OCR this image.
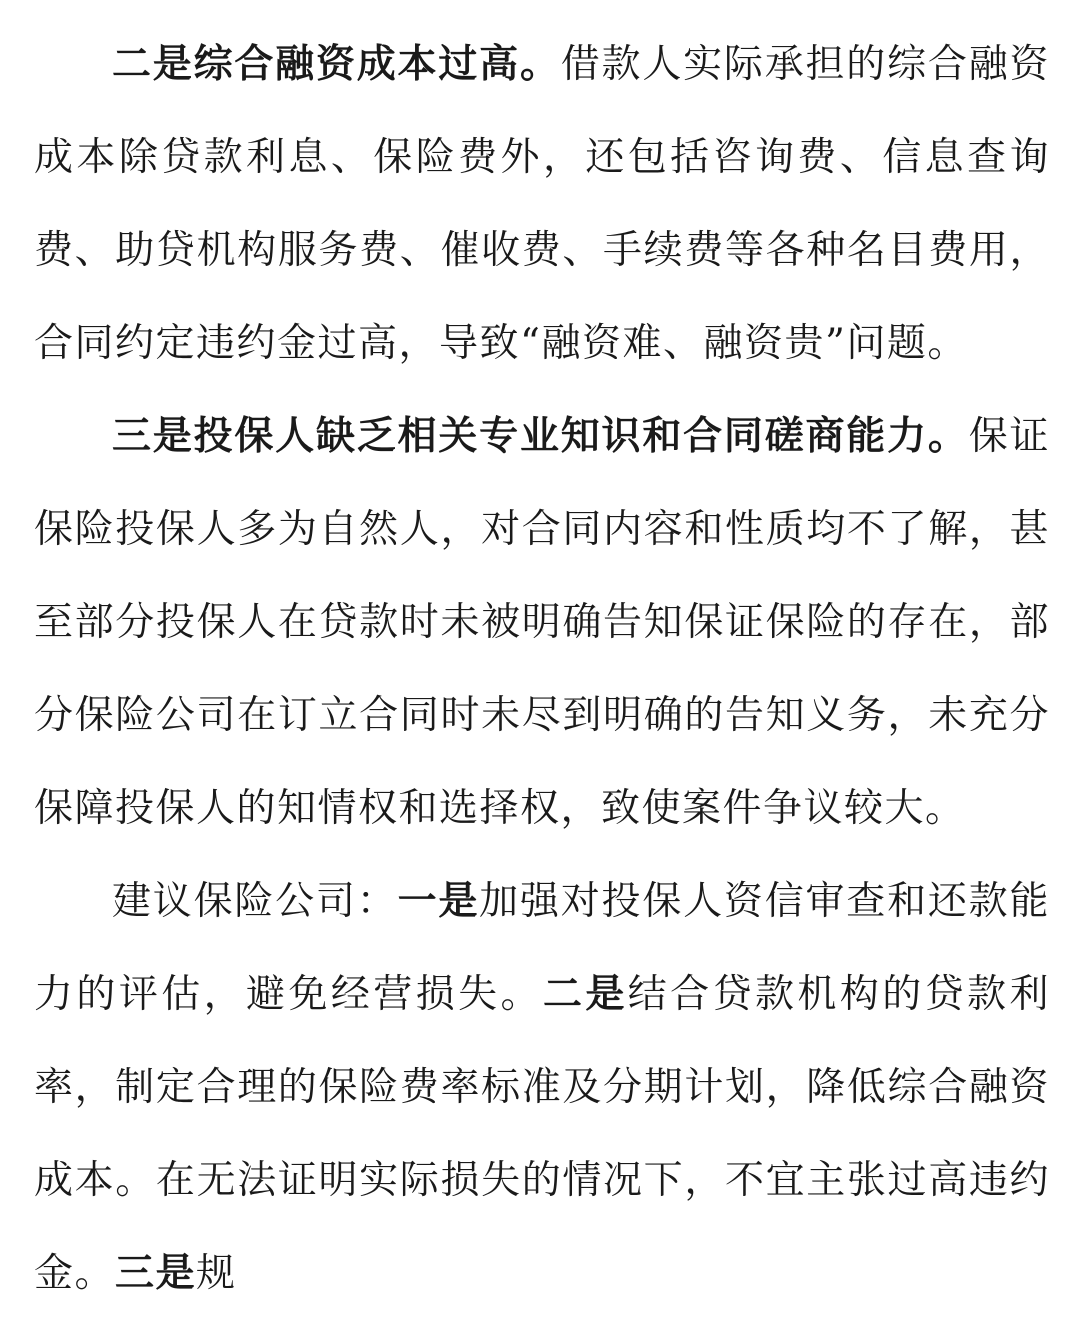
二是综合融资成本过高。借款人实际承担的综合融资成本除贷款利息、保险费外，还包括咨询费、信息查询费、助贷机构服务费、催收费、手续费等各种名目费用，合同约定违约金过高，导致“融资难、融资贵”问题。

三是投保人缺乏相关专业知识和合同磋商能力。保证保险投保人多为自然人，对合同内容和性质均不了解，甚至部分投保人在贷款时未被明确告知保证保险的存在，部分保险公司在订立合同时未尽到明确的告知义务，未充分保障投保人的知情权和选择权，致使案件争议较大。

建议保险公司：一是加强对投保人资信审查和还款能力的评估，避免经营损失。二是结合贷款机构的贷款利率，制定合理的保险费率标准及分期计划，降低综合融资成本。在无法证明实际损失的情况下，不宜主张过高违约金。三是规
